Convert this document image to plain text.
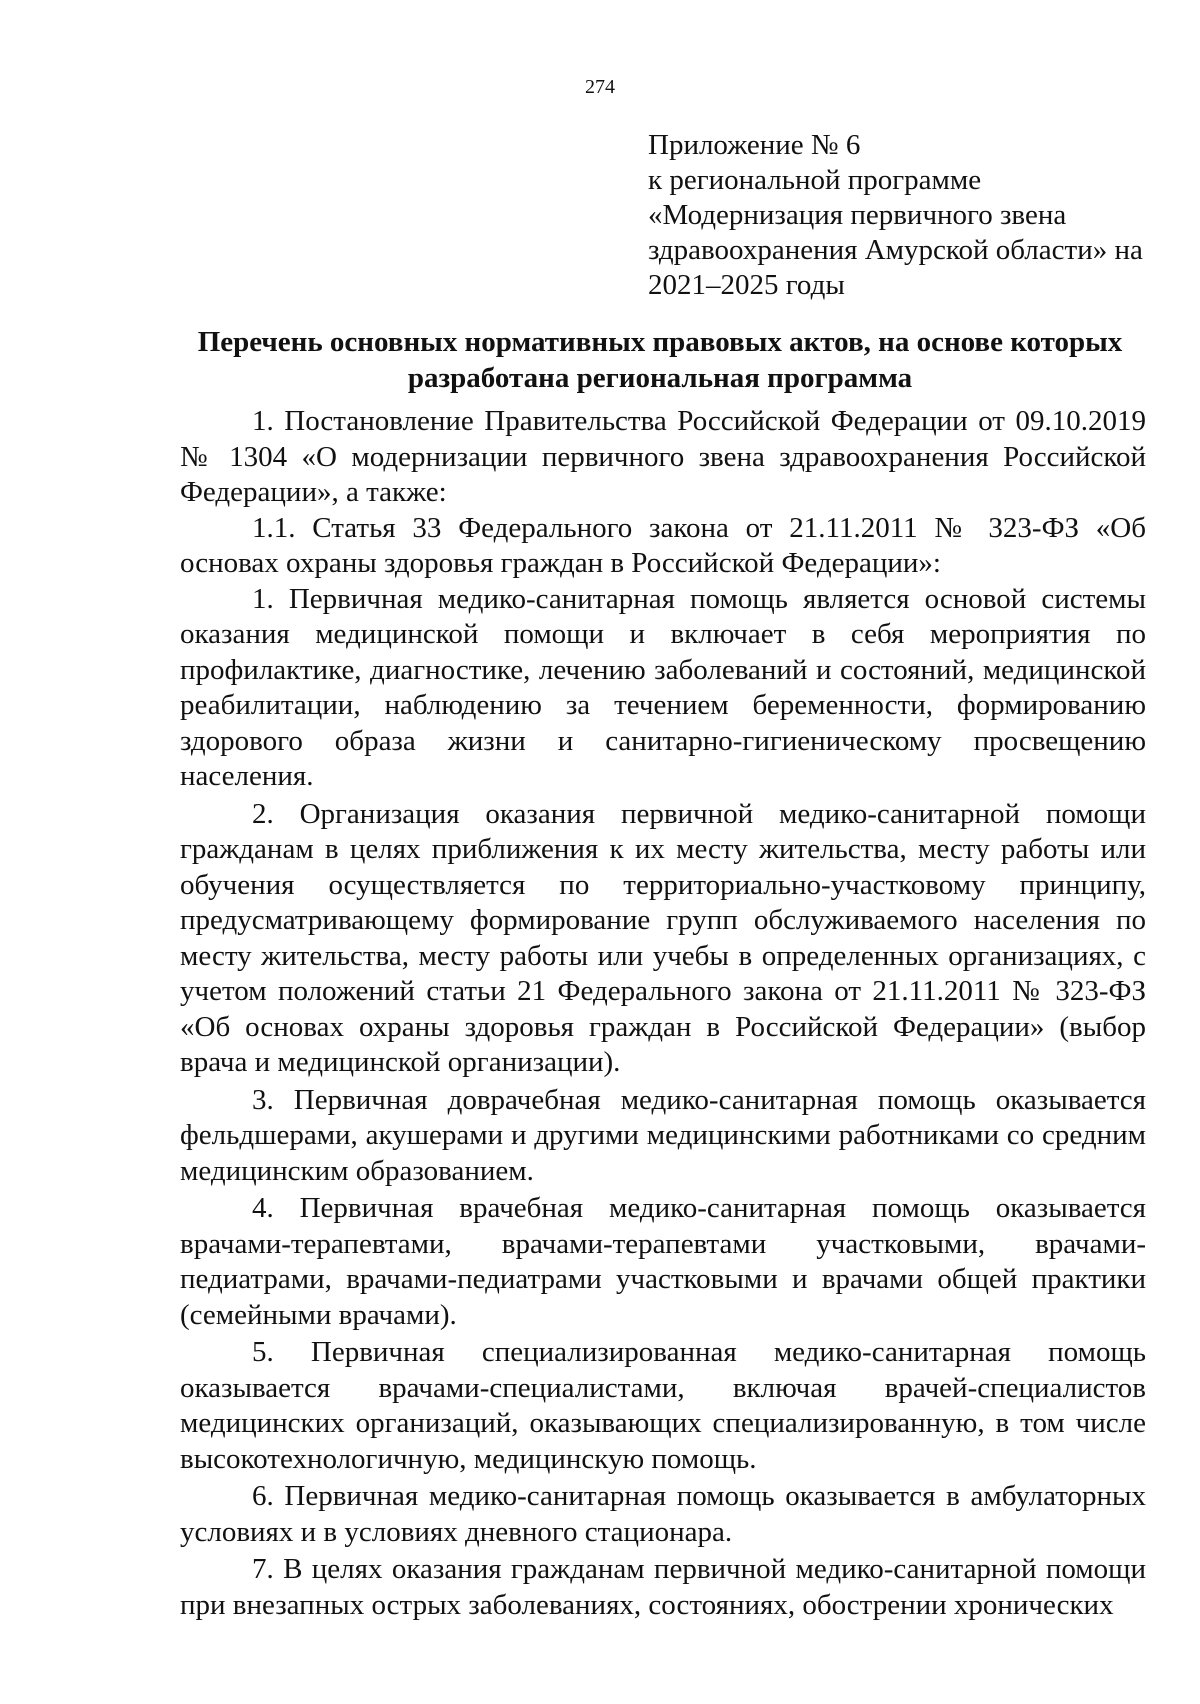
274
Приложение № 6
к региональной программе
«Модернизация первичного звена
здравоохранения Амурской области» на
2021–2025 годы
Перечень основных нормативных правовых актов, на основе которых
разработана региональная программа

1. Постановление Правительства Российской Федерации от 09.10.2019 № 1304 «О модернизации первичного звена здравоохранения Российской Федерации», а также:

1.1. Статья 33 Федерального закона от 21.11.2011 № 323-ФЗ «Об основах охраны здоровья граждан в Российской Федерации»:

1. Первичная медико-санитарная помощь является основой системы оказания медицинской помощи и включает в себя мероприятия по профилактике, диагностике, лечению заболеваний и состояний, медицинской реабилитации, наблюдению за течением беременности, формированию здорового образа жизни и санитарно-гигиеническому просвещению населения.

2. Организация оказания первичной медико-санитарной помощи гражданам в целях приближения к их месту жительства, месту работы или обучения осуществляется по территориально-участковому принципу, предусматривающему формирование групп обслуживаемого населения по месту жительства, месту работы или учебы в определенных организациях, с учетом положений статьи 21 Федерального закона от 21.11.2011 № 323-ФЗ «Об основах охраны здоровья граждан в Российской Федерации» (выбор врача и медицинской организации).

3. Первичная доврачебная медико-санитарная помощь оказывается фельдшерами, акушерами и другими медицинскими работниками со средним медицинским образованием.

4. Первичная врачебная медико-санитарная помощь оказывается врачами-терапевтами, врачами-терапевтами участковыми, врачами-педиатрами, врачами-педиатрами участковыми и врачами общей практики (семейными врачами).

5. Первичная специализированная медико-санитарная помощь оказывается врачами-специалистами, включая врачей-специалистов медицинских организаций, оказывающих специализированную, в том числе высокотехнологичную, медицинскую помощь.

6. Первичная медико-санитарная помощь оказывается в амбулаторных условиях и в условиях дневного стационара.

7. В целях оказания гражданам первичной медико-санитарной помощи при внезапных острых заболеваниях, состояниях, обострении хронических
